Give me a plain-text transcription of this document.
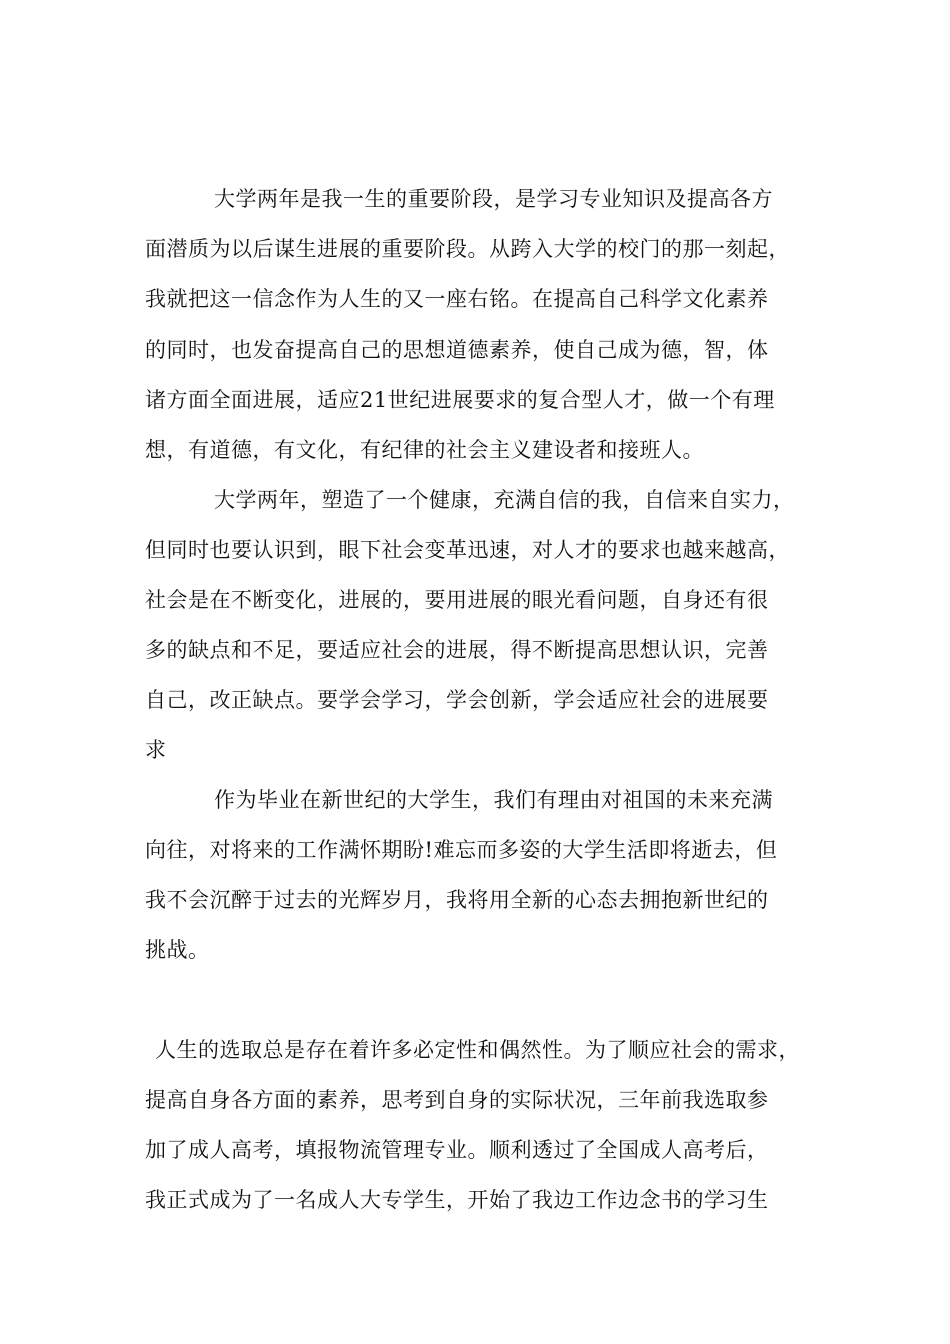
大学两年是我一生的重要阶段，是学习专业知识及提高各方

面潜质为以后谋生进展的重要阶段。从跨入大学的校门的那一刻起，

我就把这一信念作为人生的又一座右铭。在提高自己科学文化素养

的同时，也发奋提高自己的思想道德素养，使自己成为德，智，体

诸方面全面进展，适应21世纪进展要求的复合型人才，做一个有理

想，有道德，有文化，有纪律的社会主义建设者和接班人。

大学两年，塑造了一个健康，充满自信的我，自信来自实力，

但同时也要认识到，眼下社会变革迅速，对人才的要求也越来越高，

社会是在不断变化，进展的，要用进展的眼光看问题，自身还有很

多的缺点和不足，要适应社会的进展，得不断提高思想认识，完善

自己，改正缺点。要学会学习，学会创新，学会适应社会的进展要

求

作为毕业在新世纪的大学生，我们有理由对祖国的未来充满

向往，对将来的工作满怀期盼!难忘而多姿的大学生活即将逝去，但

我不会沉醉于过去的光辉岁月，我将用全新的心态去拥抱新世纪的

挑战。

人生的选取总是存在着许多必定性和偶然性。为了顺应社会的需求，

提高自身各方面的素养，思考到自身的实际状况，三年前我选取参

加了成人高考，填报物流管理专业。顺利透过了全国成人高考后，

我正式成为了一名成人大专学生，开始了我边工作边念书的学习生
